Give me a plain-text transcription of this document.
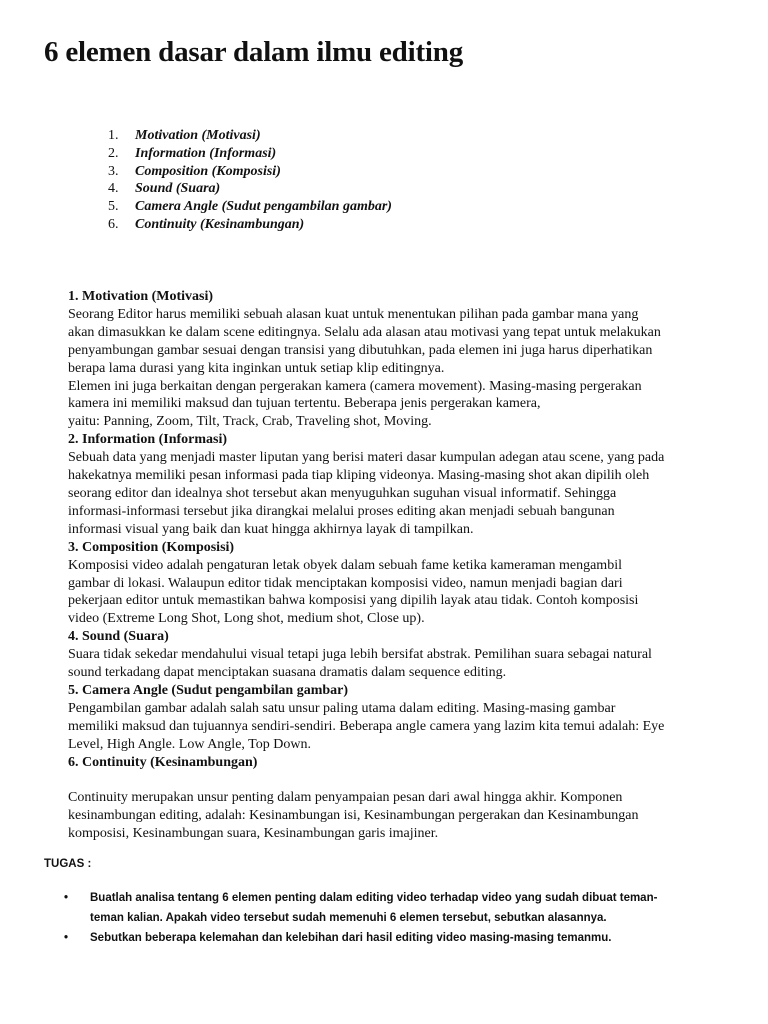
6 elemen dasar dalam ilmu editing
1.	Motivation (Motivasi)
2.	Information (Informasi)
3.	Composition (Komposisi)
4.	Sound (Suara)
5.	Camera Angle (Sudut pengambilan gambar)
6.	Continuity (Kesinambungan)
1. Motivation (Motivasi)

Seorang Editor harus memiliki sebuah alasan kuat untuk menentukan pilihan pada gambar mana yang

akan dimasukkan ke dalam scene editingnya. Selalu ada alasan atau motivasi yang tepat untuk melakukan

penyambungan gambar sesuai dengan transisi yang dibutuhkan, pada elemen ini juga harus diperhatikan

berapa lama durasi yang kita inginkan untuk setiap klip editingnya.

Elemen ini juga berkaitan dengan pergerakan kamera (camera movement). Masing-masing pergerakan

kamera ini memiliki maksud dan tujuan tertentu. Beberapa jenis pergerakan kamera,

yaitu: Panning, Zoom, Tilt, Track, Crab, Traveling shot, Moving.

2. Information (Informasi)

Sebuah data yang menjadi master liputan yang berisi materi dasar kumpulan adegan atau scene, yang pada

hakekatnya memiliki pesan informasi pada tiap kliping videonya. Masing-masing shot akan dipilih oleh

seorang editor dan idealnya shot tersebut akan menyuguhkan suguhan visual informatif. Sehingga

informasi-informasi tersebut jika dirangkai melalui proses editing akan menjadi sebuah bangunan

informasi visual yang baik dan kuat hingga akhirnya layak di tampilkan.

3. Composition (Komposisi)

Komposisi video adalah pengaturan letak obyek dalam sebuah fame ketika kameraman mengambil

gambar di lokasi. Walaupun editor tidak menciptakan komposisi video, namun menjadi bagian dari

pekerjaan editor untuk memastikan bahwa komposisi yang dipilih layak atau tidak. Contoh komposisi

video (Extreme Long Shot, Long shot, medium shot, Close up).

4. Sound (Suara)

Suara tidak sekedar mendahului visual tetapi juga lebih bersifat abstrak. Pemilihan suara sebagai natural

sound terkadang dapat menciptakan suasana dramatis dalam sequence editing.

5. Camera Angle (Sudut pengambilan gambar)

Pengambilan gambar adalah salah satu unsur paling utama dalam editing. Masing-masing gambar

memiliki maksud dan tujuannya sendiri-sendiri. Beberapa angle camera yang lazim kita temui adalah: Eye

Level, High Angle. Low Angle, Top Down.

6. Continuity (Kesinambungan)

Continuity merupakan unsur penting dalam penyampaian pesan dari awal hingga akhir. Komponen

kesinambungan editing, adalah: Kesinambungan isi, Kesinambungan pergerakan dan Kesinambungan

komposisi, Kesinambungan suara, Kesinambungan garis imajiner.

TUGAS :
•	Buatlah analisa tentang 6 elemen penting dalam editing video terhadap video yang sudah dibuat teman-
teman kalian. Apakah video tersebut sudah memenuhi 6 elemen tersebut, sebutkan alasannya.
•	Sebutkan beberapa kelemahan dan kelebihan dari hasil editing video masing-masing temanmu.
